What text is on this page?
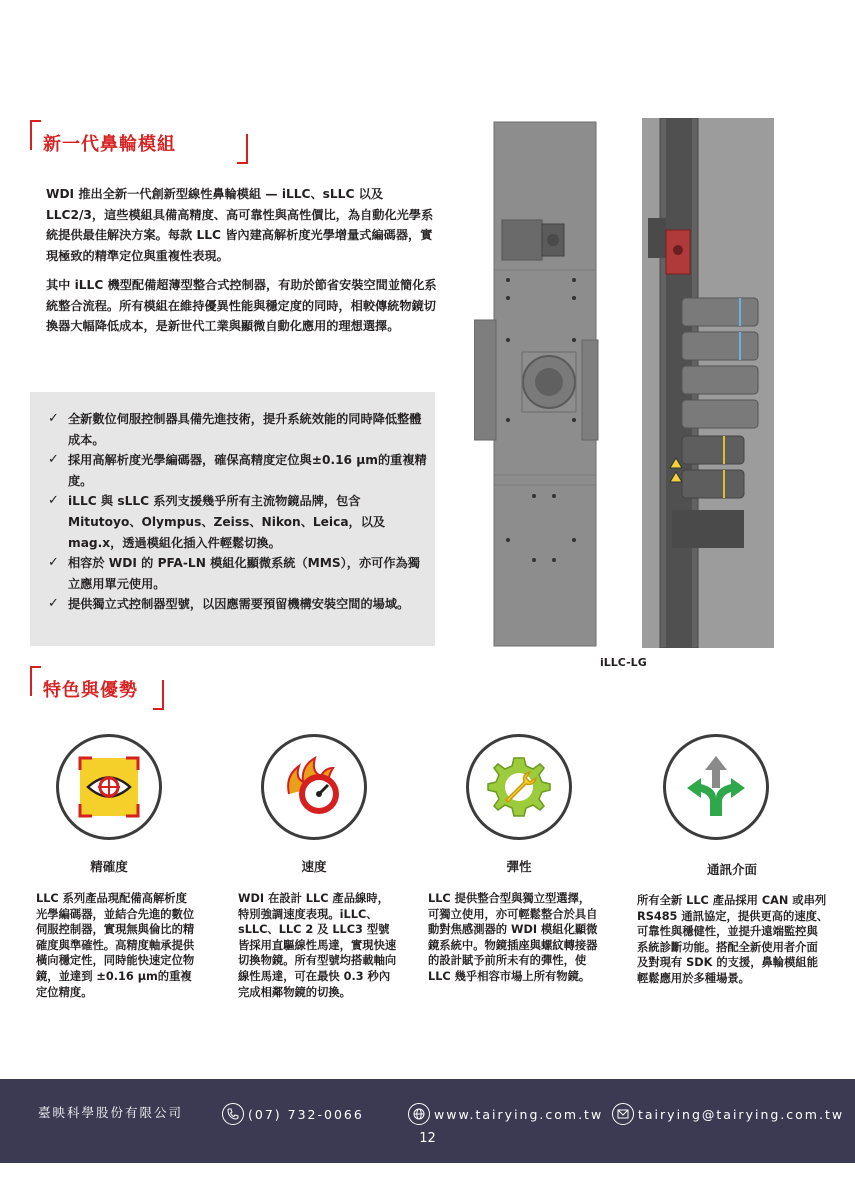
新一代鼻輪模組

WDI 推出全新一代創新型線性鼻輪模組 — iLLC、sLLC 以及 LLC2/3，這些模組具備高精度、高可靠性與高性價比，為自動化光學系統提供最佳解決方案。每款 LLC 皆內建高解析度光學增量式編碼器，實現極致的精準定位與重複性表現。

其中 iLLC 機型配備超薄型整合式控制器，有助於節省安裝空間並簡化系統整合流程。所有模組在維持優異性能與穩定度的同時，相較傳統物鏡切換器大幅降低成本，是新世代工業與顯微自動化應用的理想選擇。

✓ 全新數位伺服控制器具備先進技術，提升系統效能的同時降低整體成本。
✓ 採用高解析度光學編碼器，確保高精度定位與±0.16 μm的重複精度。
✓ iLLC 與 sLLC 系列支援幾乎所有主流物鏡品牌，包含Mitutoyo、Olympus、Zeiss、Nikon、Leica，以及mag.x，透過模組化插入件輕鬆切換。
✓ 相容於 WDI 的 PFA-LN 模組化顯微系統（MMS），亦可作為獨立應用單元使用。
✓ 提供獨立式控制器型號，以因應需要預留機構安裝空間的場域。
iLLC-LG
特色與優勢
精確度

LLC 系列產品現配備高解析度光學編碼器，並結合先進的數位伺服控制器，實現無與倫比的精確度與準確性。高精度軸承提供橫向穩定性，同時能快速定位物鏡，並達到 ±0.16 μm的重複定位精度。

速度

WDI 在設計 LLC 產品線時，特別強調速度表現。iLLC、sLLC、LLC 2 及 LLC3 型號皆採用直驅線性馬達，實現快速切換物鏡。所有型號均搭載軸向線性馬達，可在最快 0.3 秒內完成相鄰物鏡的切換。

彈性

LLC 提供整合型與獨立型選擇，可獨立使用，亦可輕鬆整合於具自動對焦感測器的 WDI 模組化顯微鏡系統中。物鏡插座與螺紋轉接器的設計賦予前所未有的彈性，使 LLC 幾乎相容市場上所有物鏡。

通訊介面

所有全新 LLC 產品採用 CAN 或串列 RS485 通訊協定，提供更高的速度、可靠性與穩健性，並提升遠端監控與系統診斷功能。搭配全新使用者介面及對現有 SDK 的支援，鼻輪模組能輕鬆應用於多種場景。

臺映科學股份有限公司	(07) 732-0066	www.tairying.com.tw	tairying@tairying.com.tw
12
